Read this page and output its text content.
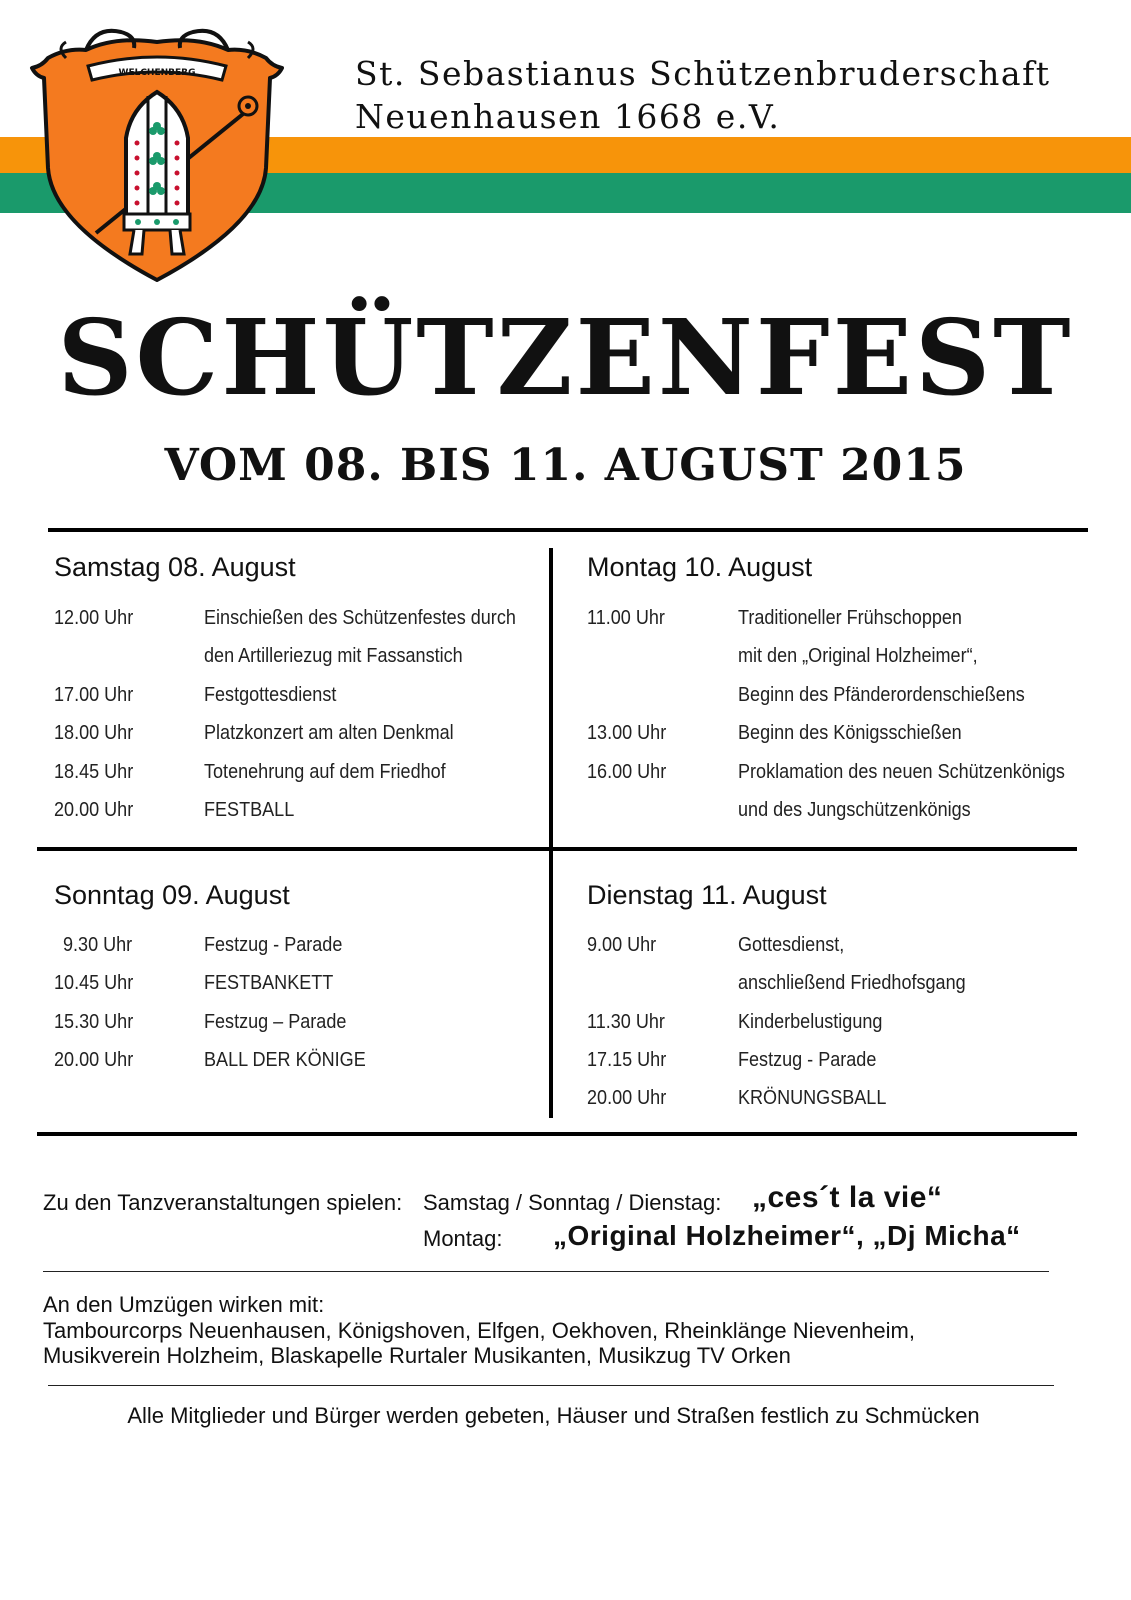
St. Sebastianus Schützenbruderschaft
Neuenhausen 1668 e.V.
WELCHENBERG
SCHÜTZENFEST
VOM 08. BIS 11. AUGUST 2015
Samstag 08. August
12.00 Uhr	Einschießen des Schützenfestes durch
den Artilleriezug mit Fassanstich
17.00 Uhr	Festgottesdienst
18.00 Uhr	Platzkonzert am alten Denkmal
18.45 Uhr	Totenehrung auf dem Friedhof
20.00 Uhr	FESTBALL
Montag 10. August
11.00 Uhr	Traditioneller Frühschoppen
mit den „Original Holzheimer“,
Beginn des Pfänderordenschießens
13.00 Uhr	Beginn des Königsschießen
16.00 Uhr	Proklamation des neuen Schützenkönigs
und des Jungschützenkönigs
Sonntag 09. August
9.30 Uhr	Festzug - Parade
10.45 Uhr	FESTBANKETT
15.30 Uhr	Festzug – Parade
20.00 Uhr	BALL DER KÖNIGE
Dienstag 11. August
9.00 Uhr	Gottesdienst,
anschließend Friedhofsgang
11.30 Uhr	Kinderbelustigung
17.15 Uhr	Festzug - Parade
20.00 Uhr	KRÖNUNGSBALL
Zu den Tanzveranstaltungen spielen: Samstag / Sonntag / Dienstag: „ces´t la vie“
Montag: „Original Holzheimer“, „Dj Micha“
An den Umzügen wirken mit:
Tambourcorps Neuenhausen, Königshoven, Elfgen, Oekhoven, Rheinklänge Nievenheim,
Musikverein Holzheim, Blaskapelle Rurtaler Musikanten, Musikzug TV Orken
Alle Mitglieder und Bürger werden gebeten, Häuser und Straßen festlich zu Schmücken
